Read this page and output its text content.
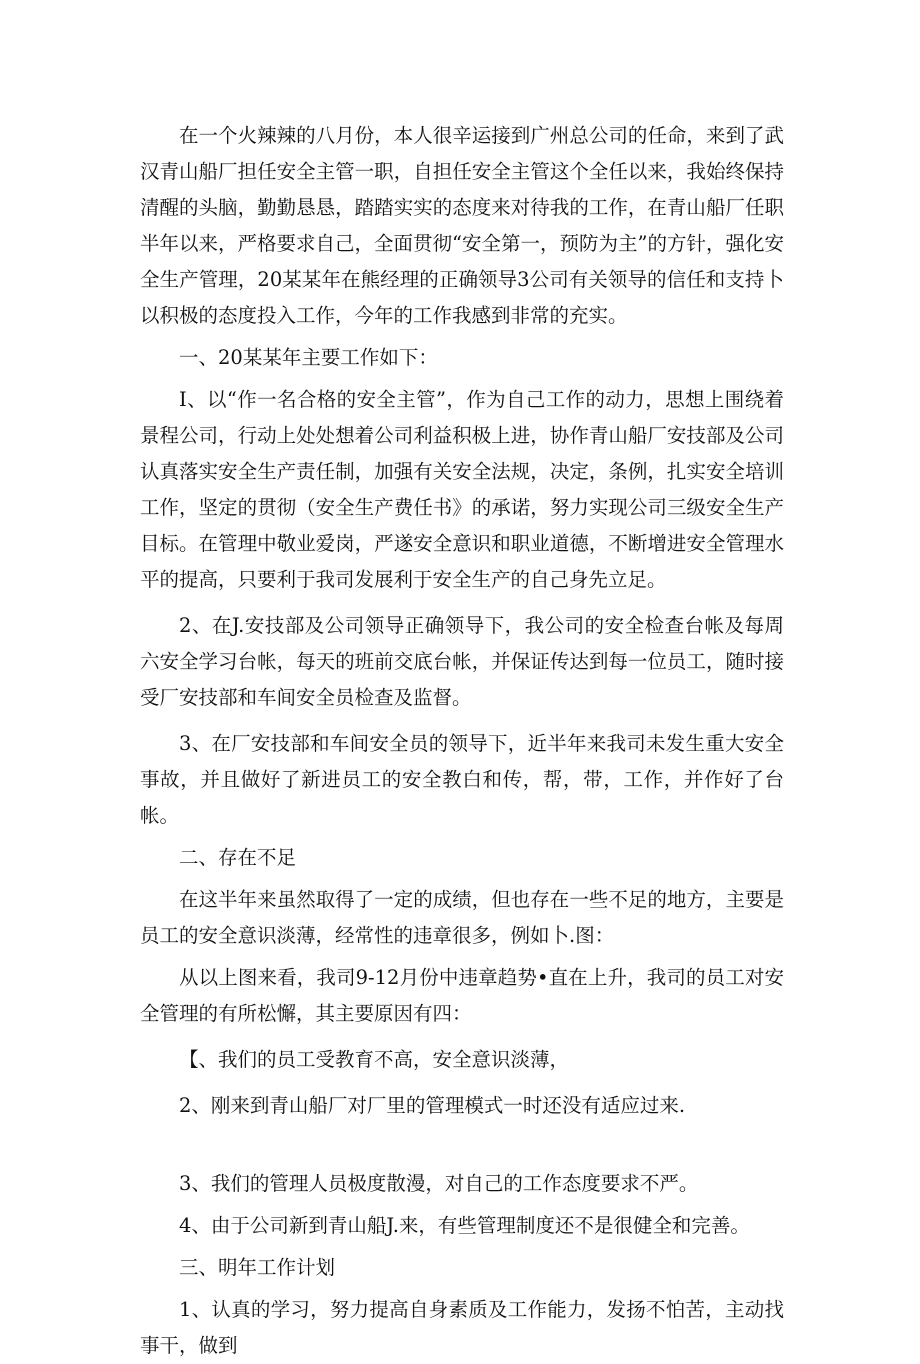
在一个火辣辣的八月份，本人很辛运接到广州总公司的任命，来到了武汉青山船厂担任安全主管一职，自担任安全主管这个全任以来，我始终保持清醒的头脑，勤勤恳恳，踏踏实实的态度来对待我的工作，在青山船厂任职半年以来，严格要求自己，全面贯彻“安全第一，预防为主”的方针，强化安全生产管理，20某某年在熊经理的正确领导3公司有关领导的信任和支持卜以积极的态度投入工作，今年的工作我感到非常的充实。

一、20某某年主要工作如下：

I、以“作一名合格的安全主管”，作为自己工作的动力，思想上围绕着景程公司，行动上处处想着公司利益积极上进，协作青山船厂安技部及公司认真落实安全生产责任制，加强有关安全法规，决定，条例，扎实安全培训工作，坚定的贯彻（安全生产费任书》的承诺，努力实现公司三级安全生产目标。在管理中敬业爱岗，严遂安全意识和职业道德，不断增进安全管理水平的提高，只要利于我司发展利于安全生产的自己身先立足。

2、在J.安技部及公司领导正确领导下，我公司的安全检查台帐及每周六安全学习台帐，每天的班前交底台帐，并保证传达到每一位员工，随时接受厂安技部和车间安全员检查及监督。

3、在厂安技部和车间安全员的领导下，近半年来我司未发生重大安全事故，并且做好了新进员工的安全教白和传，帮，带，工作，并作好了台帐。

二、存在不足

在这半年来虽然取得了一定的成绩，但也存在一些不足的地方，主要是员工的安全意识淡薄，经常性的违章很多，例如卜.图：

从以上图来看，我司9-12月份中违章趋势•直在上升，我司的员工对安全管理的有所松懈，其主要原因有四：

【、我们的员工受教育不高，安全意识淡薄，

2、刚来到青山船厂对厂里的管理模式一时还没有适应过来.

3、我们的管理人员极度散漫，对自己的工作态度要求不严。

4、由于公司新到青山船J.来，有些管理制度还不是很健全和完善。

三、明年工作计划

1、认真的学习，努力提高自身素质及工作能力，发扬不怕苦，主动找事干，做到
